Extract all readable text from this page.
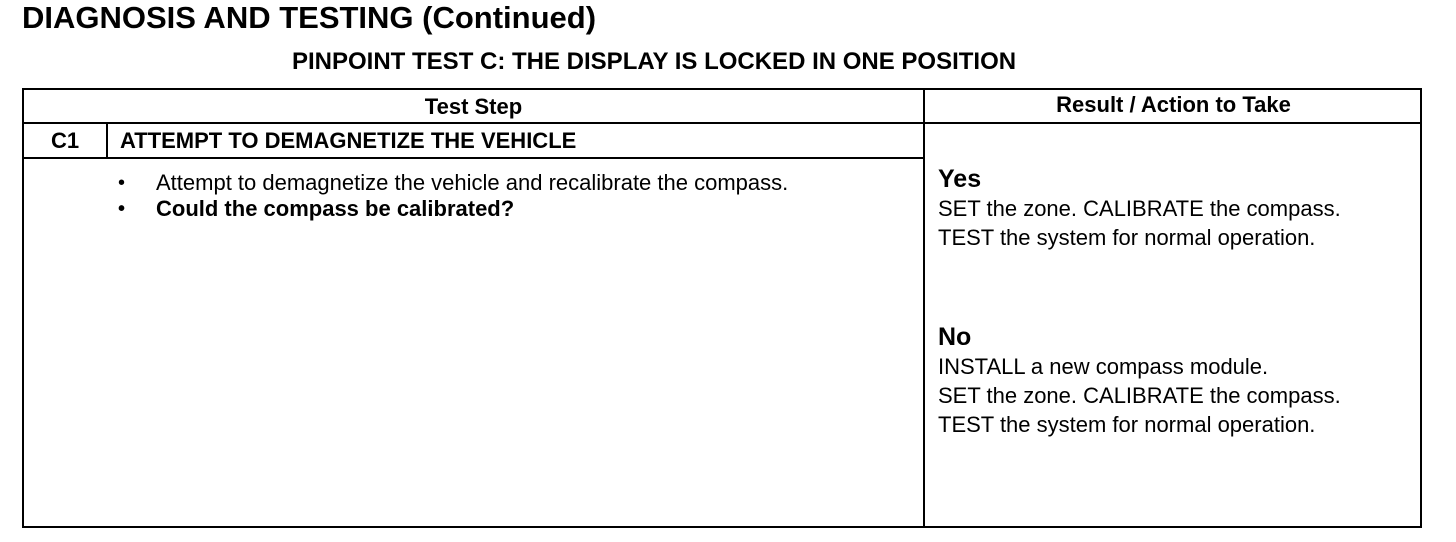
DIAGNOSIS AND TESTING (Continued)
PINPOINT TEST C: THE DISPLAY IS LOCKED IN ONE POSITION
Test Step	Result / Action to Take
C1	ATTEMPT TO DEMAGNETIZE THE VEHICLE
• Attempt to demagnetize the vehicle and recalibrate the compass.
• Could the compass be calibrated?
Yes
SET the zone. CALIBRATE the compass.
TEST the system for normal operation.
No
INSTALL a new compass module.
SET the zone. CALIBRATE the compass.
TEST the system for normal operation.
